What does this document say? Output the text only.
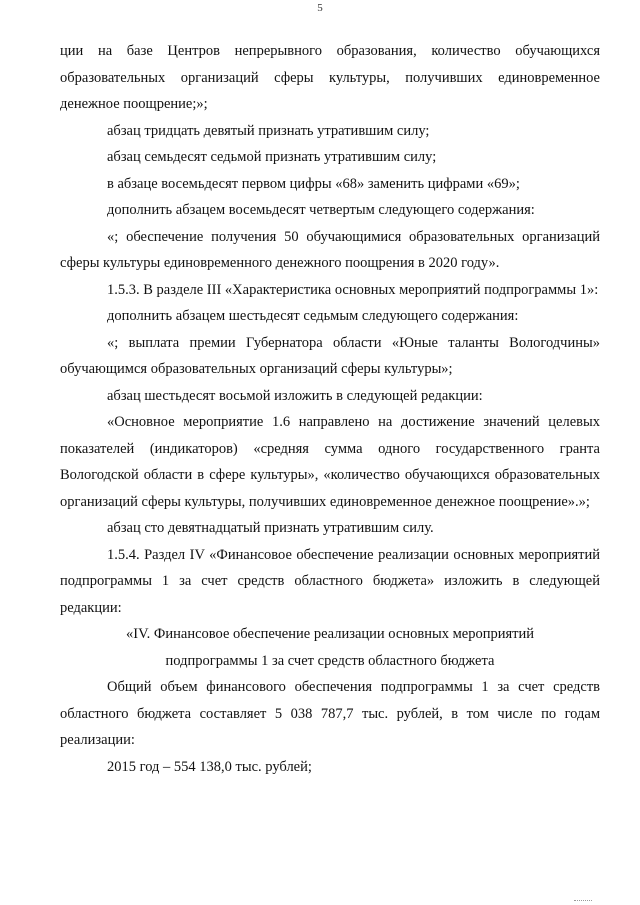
5

ции на базе Центров непрерывного образования, количество обучающихся образовательных организаций сферы культуры, получивших единовременное денежное поощрение;»;

абзац тридцать девятый признать утратившим силу;

абзац семьдесят седьмой признать утратившим силу;

в абзаце восемьдесят первом цифры «68» заменить цифрами «69»;

дополнить абзацем восемьдесят четвертым следующего содержания:

«; обеспечение получения 50 обучающимися образовательных организаций сферы культуры единовременного денежного поощрения в 2020 году».

1.5.3. В разделе III «Характеристика основных мероприятий подпрограммы 1»:

дополнить абзацем шестьдесят седьмым следующего содержания:

«; выплата премии Губернатора области «Юные таланты Вологодчины» обучающимся образовательных организаций сферы культуры»;

абзац шестьдесят восьмой изложить в следующей редакции:

«Основное мероприятие 1.6 направлено на достижение значений целевых показателей (индикаторов) «средняя сумма одного государственного гранта Вологодской области в сфере культуры», «количество обучающихся образовательных организаций сферы культуры, получивших единовременное денежное поощрение».»;

абзац сто девятнадцатый признать утратившим силу.

1.5.4. Раздел IV «Финансовое обеспечение реализации основных мероприятий подпрограммы 1 за счет средств областного бюджета» изложить в следующей редакции:

«IV. Финансовое обеспечение реализации основных мероприятий

подпрограммы 1 за счет средств областного бюджета

Общий объем финансового обеспечения подпрограммы 1 за счет средств областного бюджета составляет 5 038 787,7 тыс. рублей, в том числе по годам реализации:

2015 год – 554 138,0 тыс. рублей;
